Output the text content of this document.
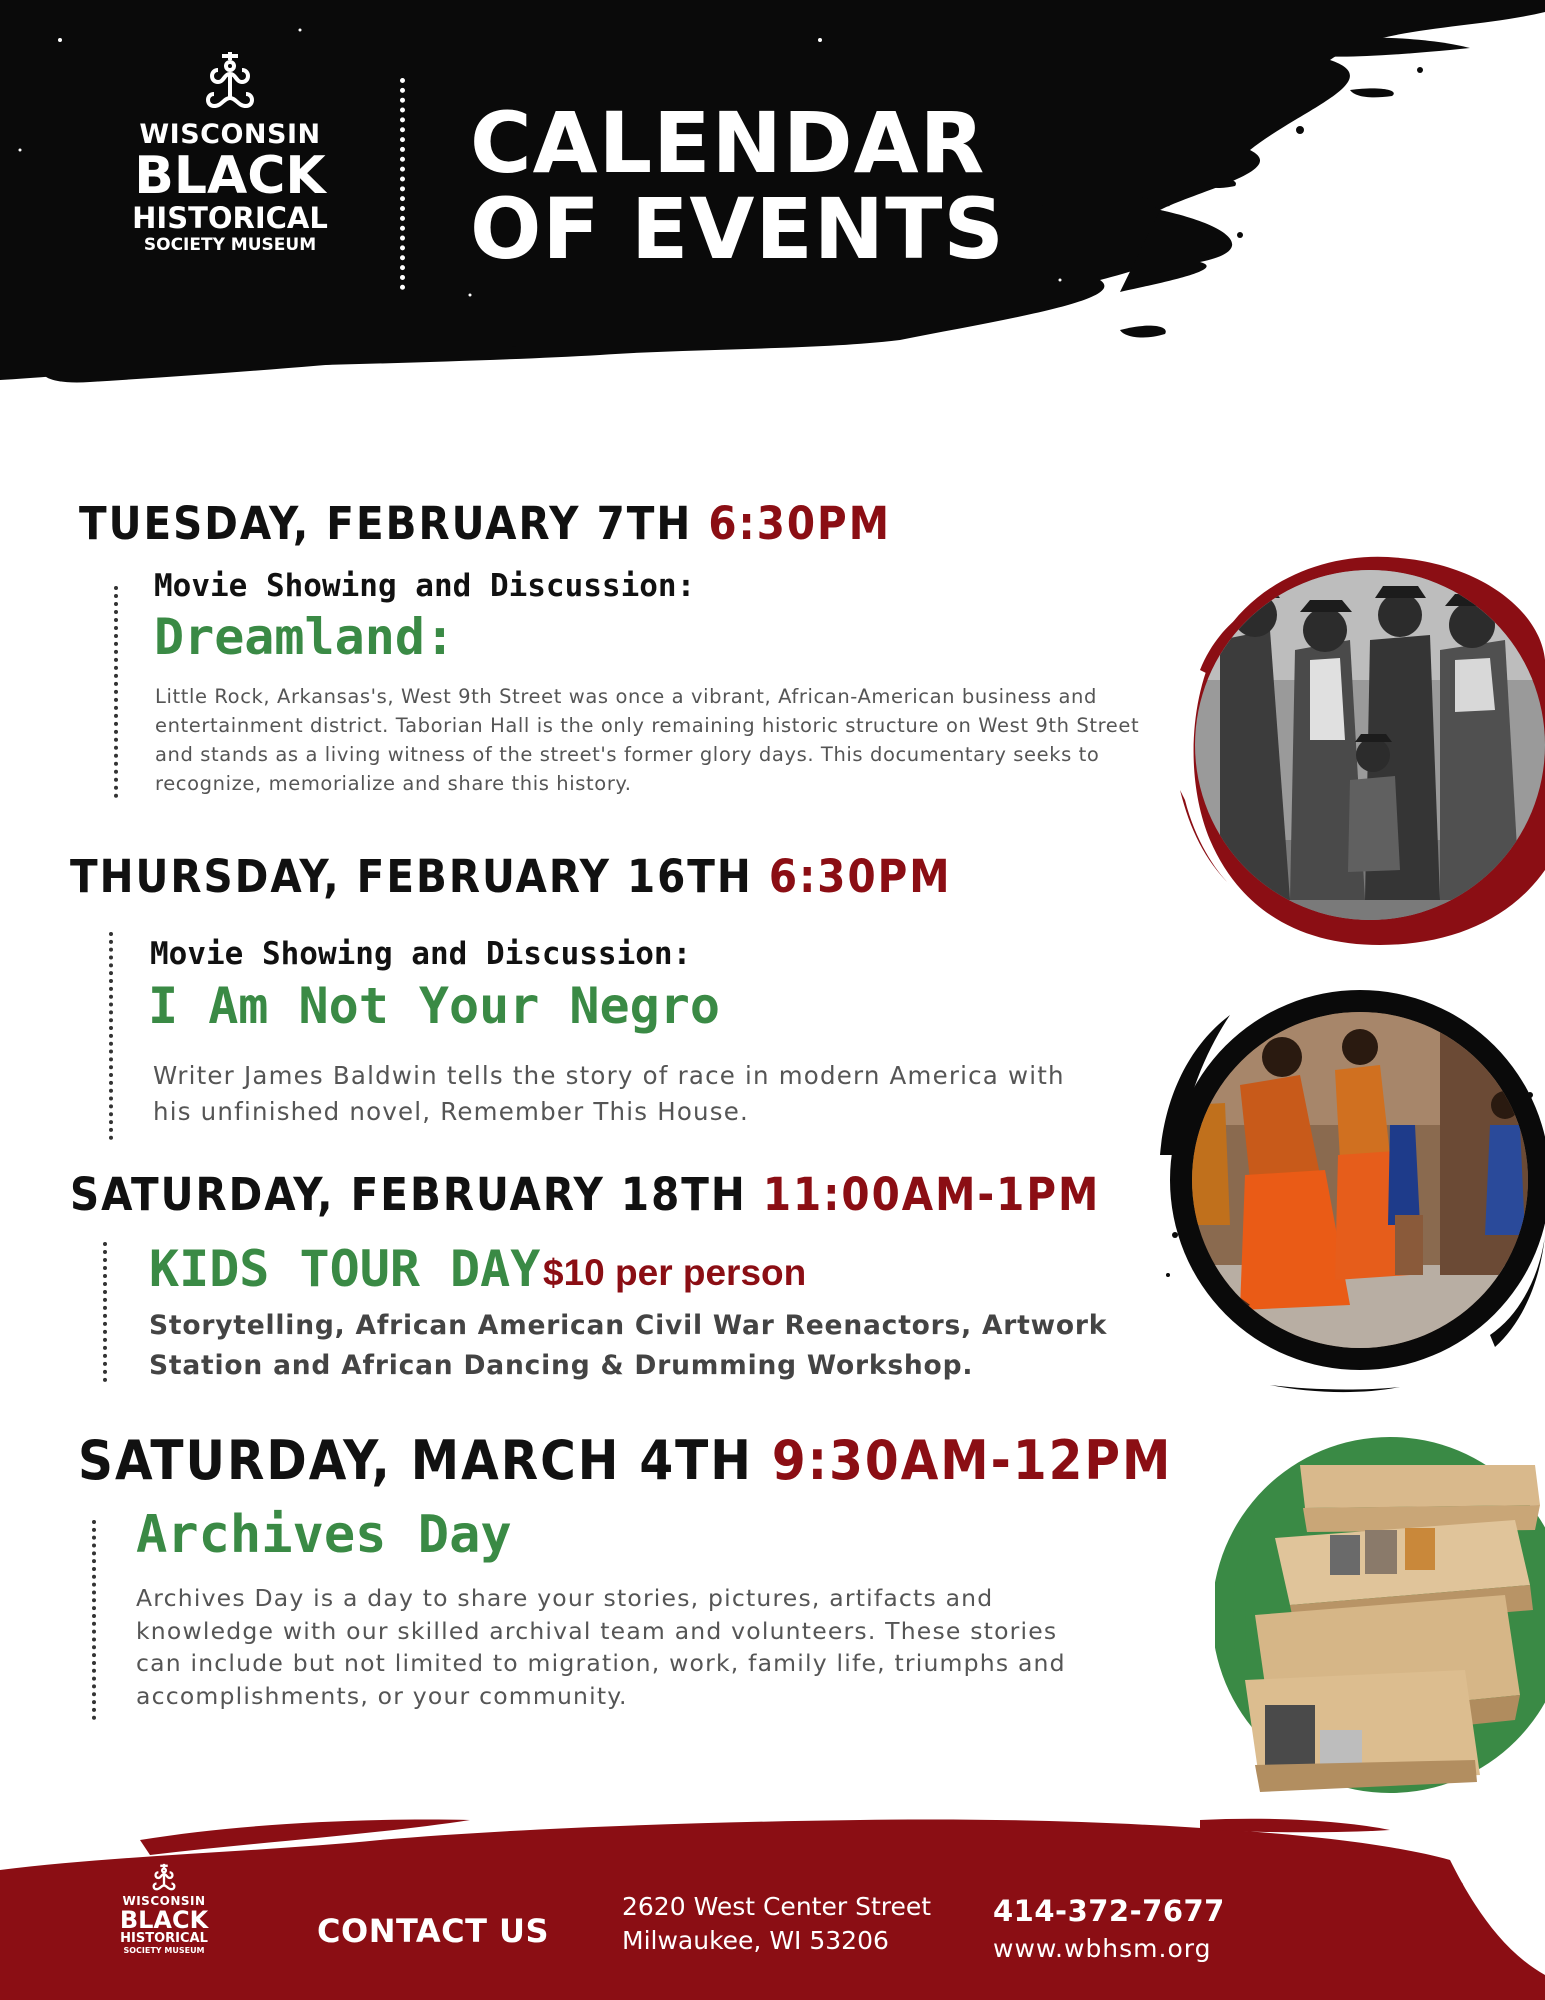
WISCONSIN
BLACK
HISTORICAL
SOCIETY MUSEUM
CALENDAR
OF EVENTS
TUESDAY, FEBRUARY 7TH 6:30PM
Movie Showing and Discussion:
Dreamland:
Little Rock, Arkansas's, West 9th Street was once a vibrant, African-American business and entertainment district. Taborian Hall is the only remaining historic structure on West 9th Street and stands as a living witness of the street's former glory days. This documentary seeks to recognize, memorialize and share this history.
THURSDAY, FEBRUARY 16TH 6:30PM
Movie Showing and Discussion:
I Am Not Your Negro
Writer James Baldwin tells the story of race in modern America with his unfinished novel, Remember This House.
SATURDAY, FEBRUARY 18TH 11:00AM-1PM
KIDS TOUR DAY $10 per person
Storytelling, African American Civil War Reenactors, Artwork Station and African Dancing & Drumming Workshop.
SATURDAY, MARCH 4TH 9:30AM-12PM
Archives Day
Archives Day is a day to share your stories, pictures, artifacts and knowledge with our skilled archival team and volunteers. These stories can include but not limited to migration, work, family life, triumphs and accomplishments, or your community.
WISCONSIN
BLACK
HISTORICAL
SOCIETY MUSEUM
CONTACT US
2620 West Center Street
Milwaukee, WI 53206
414-372-7677
www.wbhsm.org
